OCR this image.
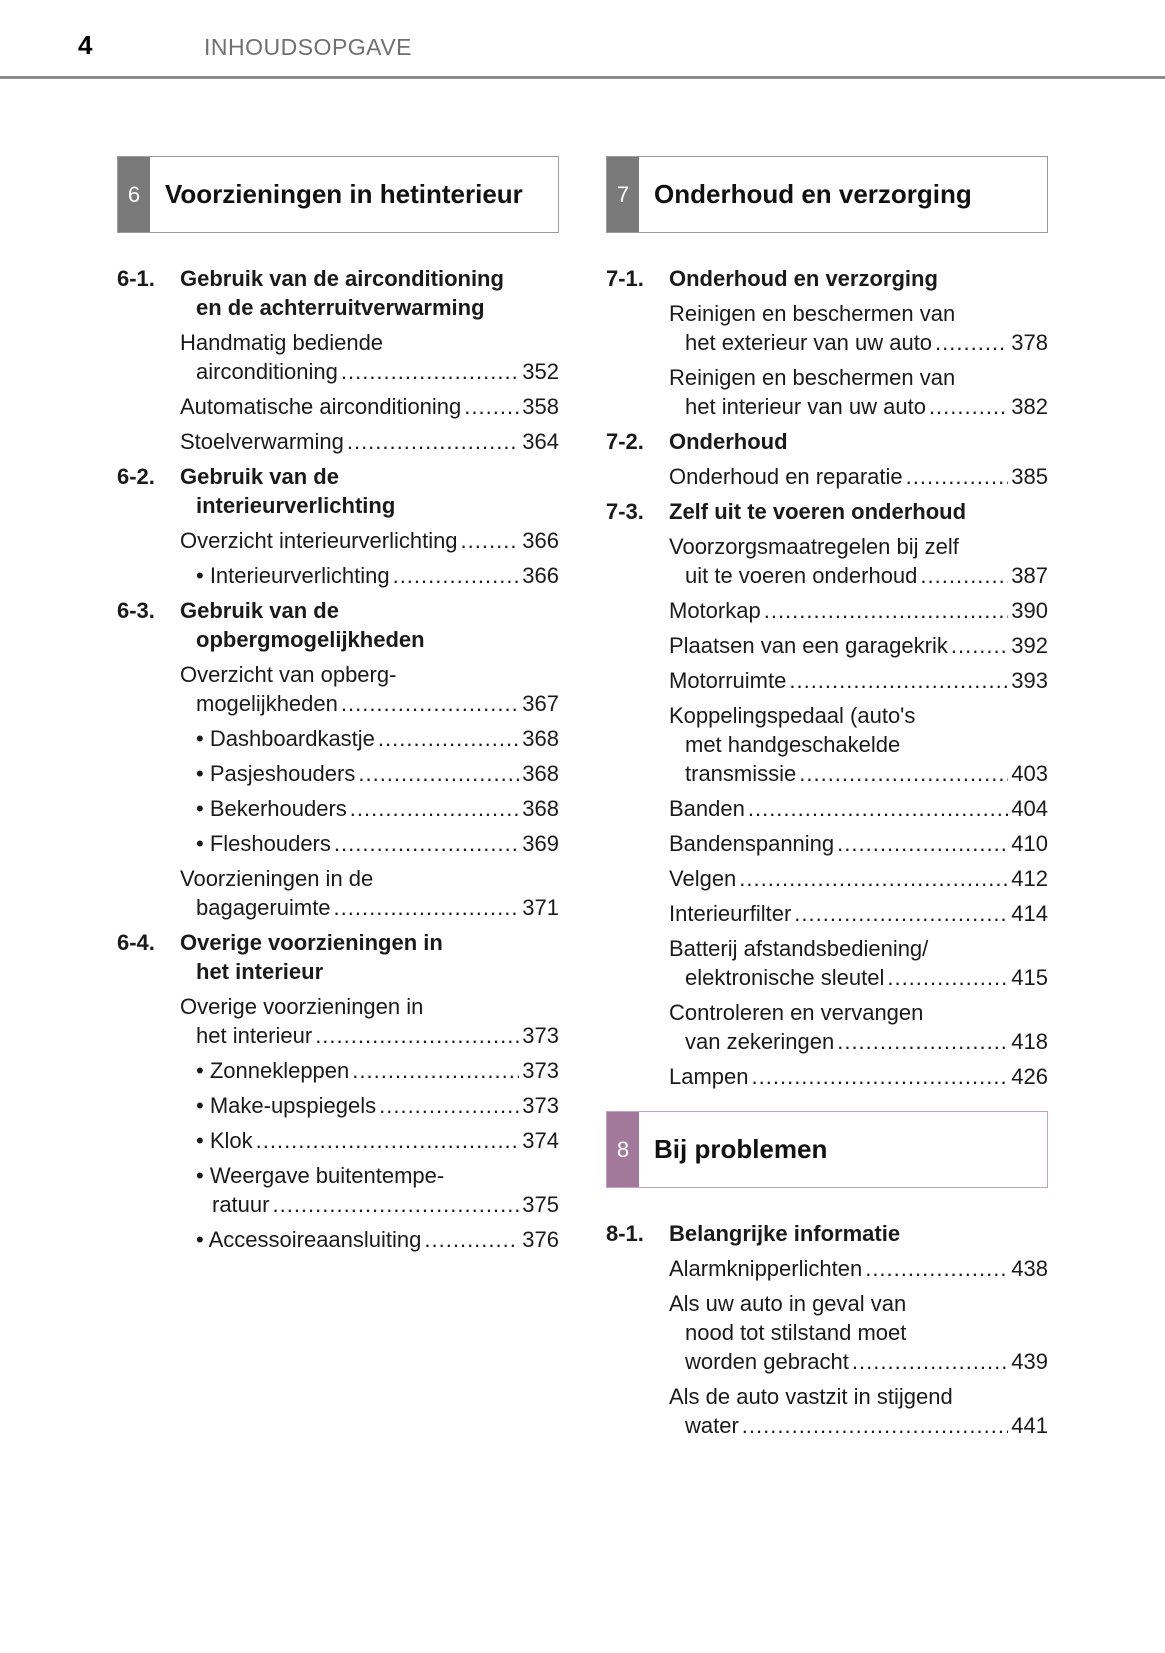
4	INHOUDSOPGAVE
6 Voorzieningen in het interieur
6-1.	Gebruik van de airconditioning
en de achterruitverwarming
Handmatig bediende
airconditioning .....	352
Automatische airconditioning .....	358
Stoelverwarming .....	364
6-2.	Gebruik van de
interieurverlichting
Overzicht interieurverlichting .....	366
• Interieurverlichting .....	366
6-3.	Gebruik van de
opbergmogelijkheden
Overzicht van opberg-
mogelijkheden .....	367
• Dashboardkastje .....	368
• Pasjeshouders .....	368
• Bekerhouders .....	368
• Fleshouders .....	369
Voorzieningen in de
bagageruimte .....	371
6-4.	Overige voorzieningen in
het interieur
Overige voorzieningen in
het interieur .....	373
• Zonnekleppen .....	373
• Make-upspiegels .....	373
• Klok .....	374
• Weergave buitentempe-
ratuur .....	375
• Accessoireaansluiting .....	376
7 Onderhoud en verzorging
7-1.	Onderhoud en verzorging
Reinigen en beschermen van
het exterieur van uw auto .....	378
Reinigen en beschermen van
het interieur van uw auto .....	382
7-2.	Onderhoud
Onderhoud en reparatie .....	385
7-3.	Zelf uit te voeren onderhoud
Voorzorgsmaatregelen bij zelf
uit te voeren onderhoud .....	387
Motorkap .....	390
Plaatsen van een garagekrik .....	392
Motorruimte .....	393
Koppelingspedaal (auto's
met handgeschakelde
transmissie .....	403
Banden .....	404
Bandenspanning .....	410
Velgen .....	412
Interieurfilter .....	414
Batterij afstandsbediening/
elektronische sleutel .....	415
Controleren en vervangen
van zekeringen .....	418
Lampen .....	426
8 Bij problemen
8-1.	Belangrijke informatie
Alarmknipperlichten .....	438
Als uw auto in geval van
nood tot stilstand moet
worden gebracht .....	439
Als de auto vastzit in stijgend
water .....	441
